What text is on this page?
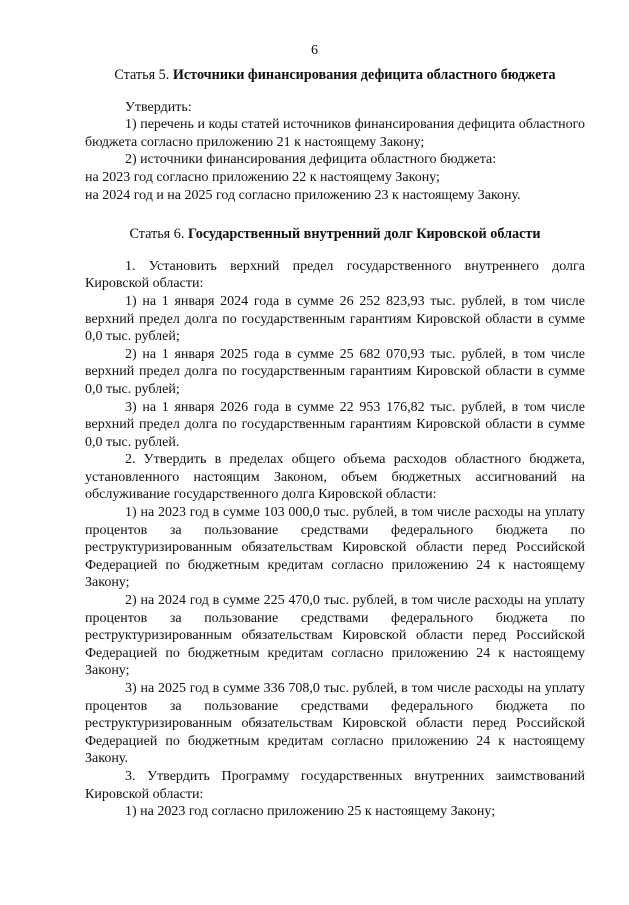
6
Статья 5. Источники финансирования дефицита областного бюджета

Утвердить:

1) перечень и коды статей источников финансирования дефицита областного бюджета согласно приложению 21 к настоящему Закону;

2) источники финансирования дефицита областного бюджета:

на 2023 год согласно приложению 22 к настоящему Закону;

на 2024 год и на 2025 год согласно приложению 23 к настоящему Закону.

Статья 6. Государственный внутренний долг Кировской области

1. Установить верхний предел государственного внутреннего долга Кировской области:

1) на 1 января 2024 года в сумме 26 252 823,93 тыс. рублей, в том числе верхний предел долга по государственным гарантиям Кировской области в сумме 0,0 тыс. рублей;

2) на 1 января 2025 года в сумме 25 682 070,93 тыс. рублей, в том числе верхний предел долга по государственным гарантиям Кировской области в сумме 0,0 тыс. рублей;

3) на 1 января 2026 года в сумме 22 953 176,82 тыс. рублей, в том числе верхний предел долга по государственным гарантиям Кировской области в сумме 0,0 тыс. рублей.

2. Утвердить в пределах общего объема расходов областного бюджета, установленного настоящим Законом, объем бюджетных ассигнований на обслуживание государственного долга Кировской области:

1) на 2023 год в сумме 103 000,0 тыс. рублей, в том числе расходы на уплату процентов за пользование средствами федерального бюджета по реструктуризированным обязательствам Кировской области перед Российской Федерацией по бюджетным кредитам согласно приложению 24 к настоящему Закону;

2) на 2024 год в сумме 225 470,0 тыс. рублей, в том числе расходы на уплату процентов за пользование средствами федерального бюджета по реструктуризированным обязательствам Кировской области перед Российской Федерацией по бюджетным кредитам согласно приложению 24 к настоящему Закону;

3) на 2025 год в сумме 336 708,0 тыс. рублей, в том числе расходы на уплату процентов за пользование средствами федерального бюджета по реструктуризированным обязательствам Кировской области перед Российской Федерацией по бюджетным кредитам согласно приложению 24 к настоящему Закону.

3. Утвердить Программу государственных внутренних заимствований Кировской области:

1) на 2023 год согласно приложению 25 к настоящему Закону;
